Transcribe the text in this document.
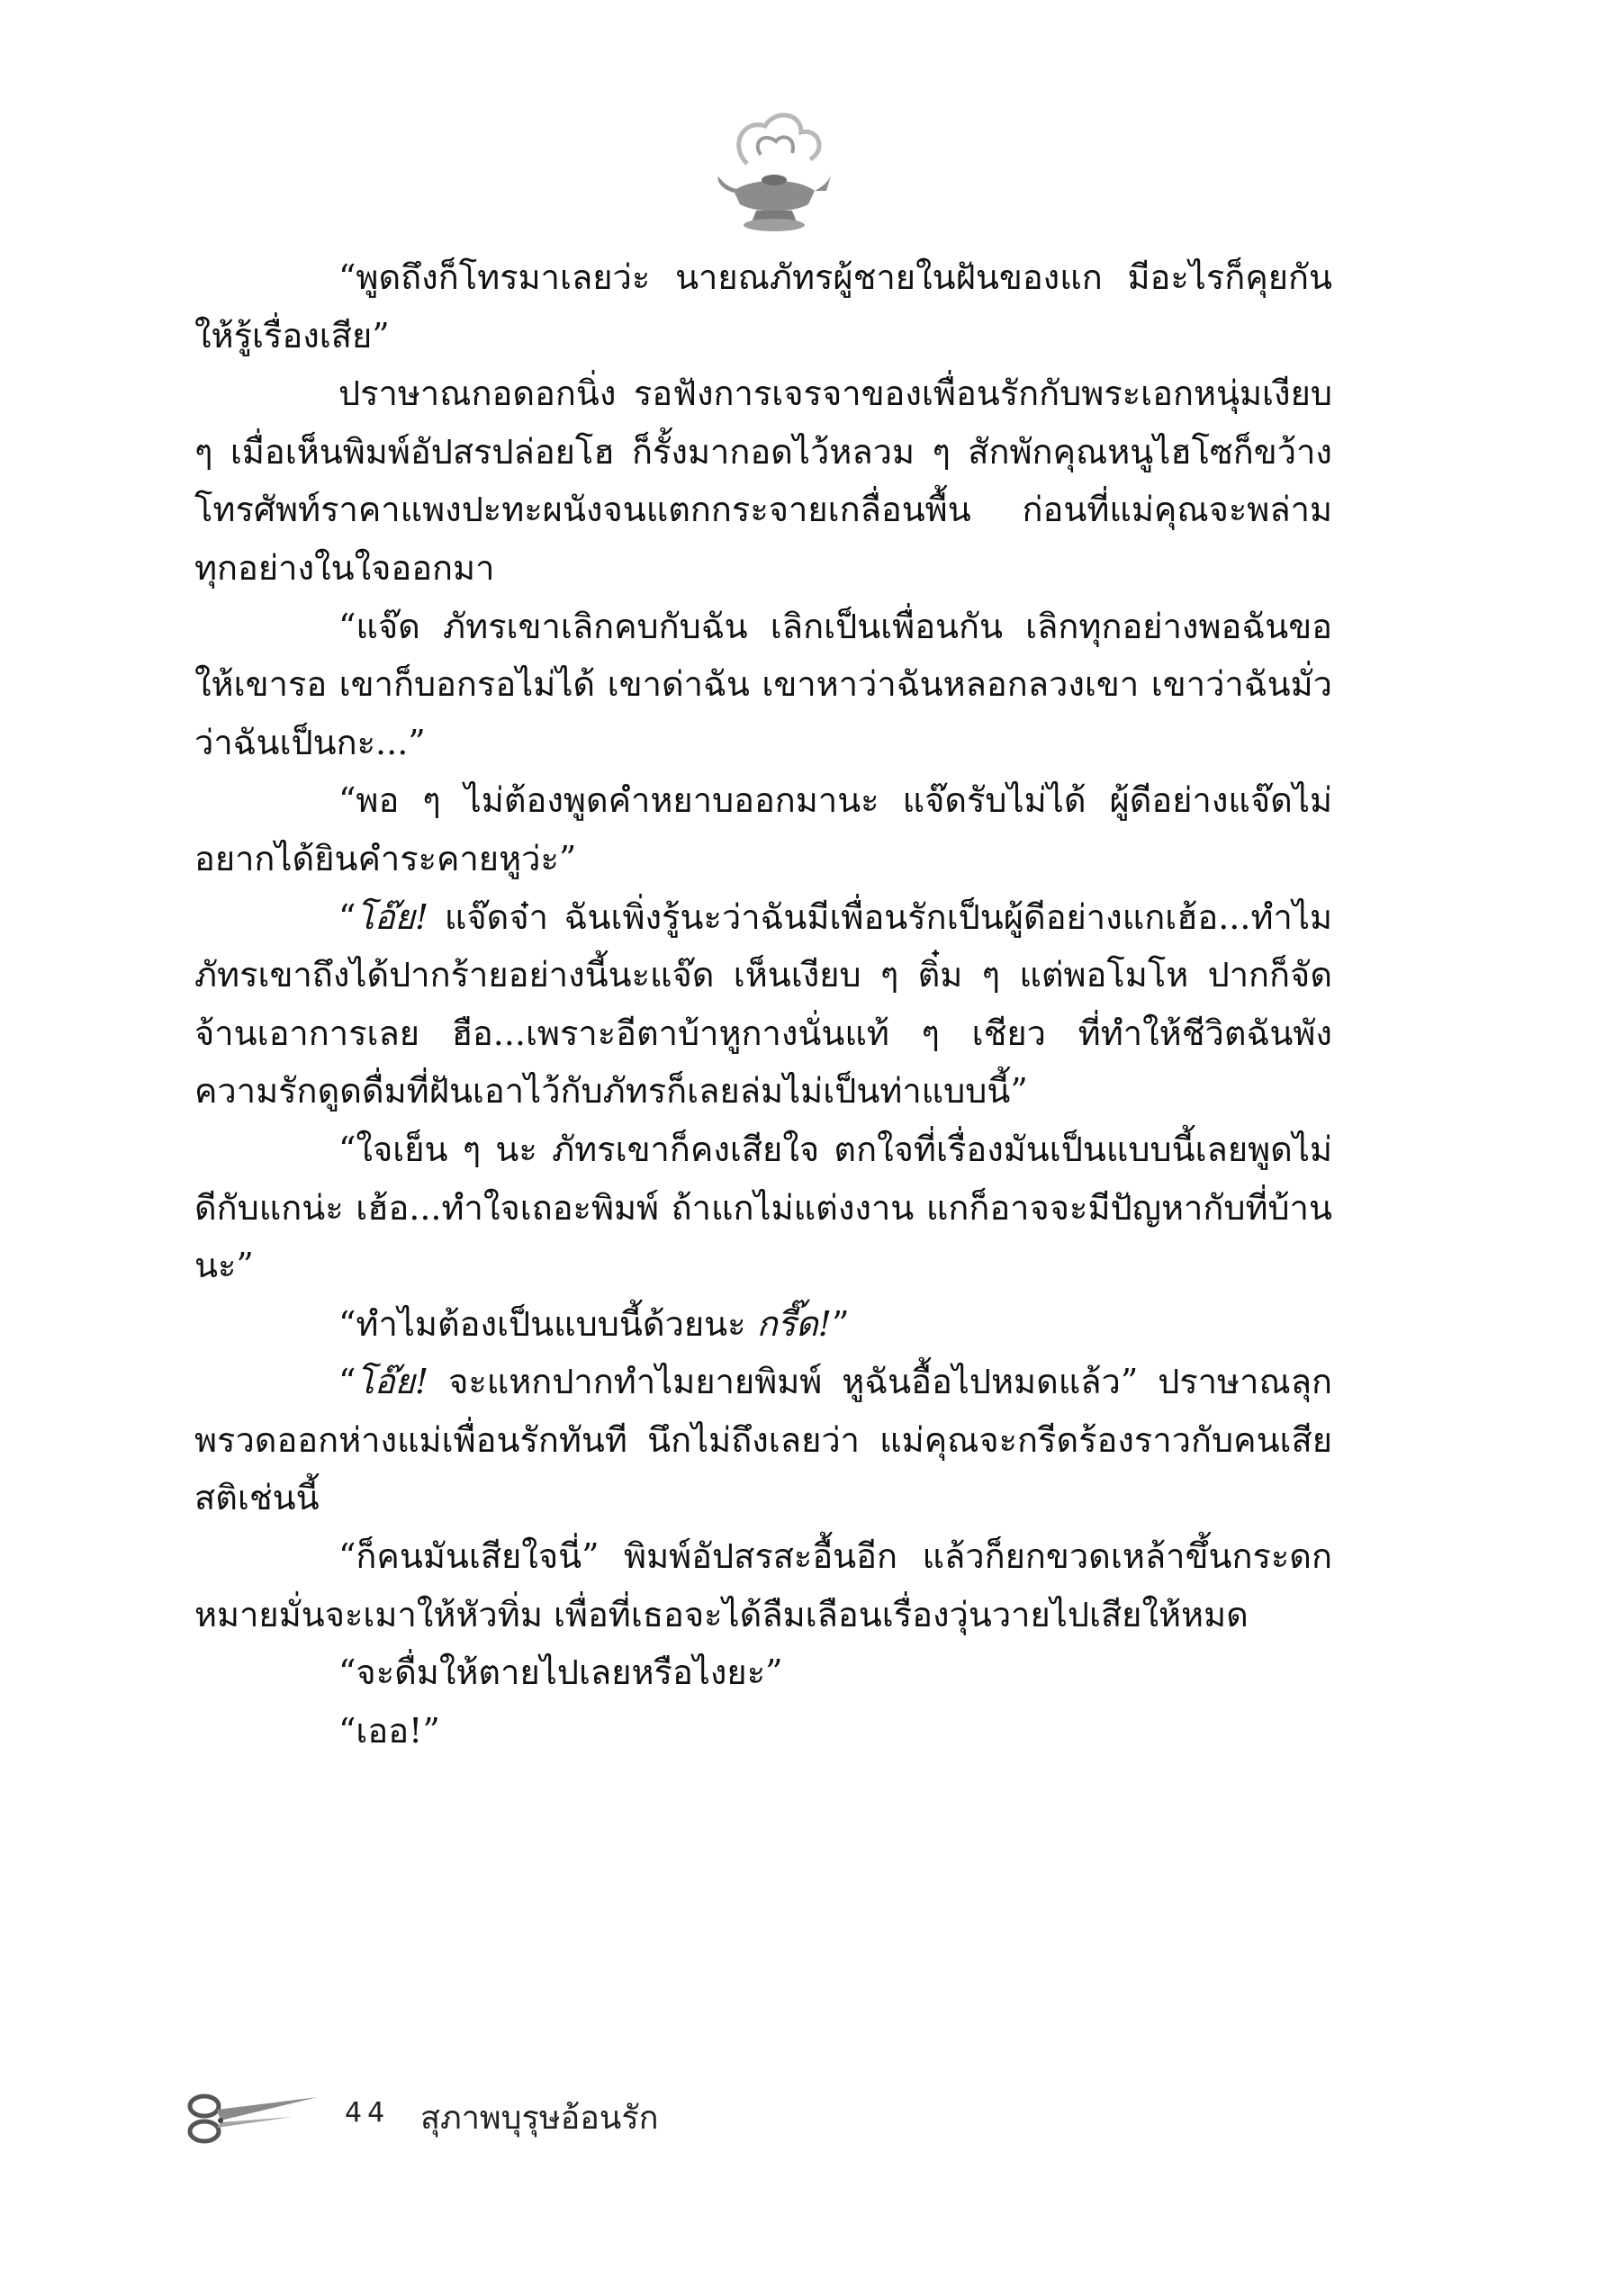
“พูดถึงก็โทรมาเลยว่ะ นายณภัทรผู้ชายในฝันของแก มีอะไรก็คุยกันให้รู้เรื่องเสีย”

ปราษาณกอดอกนิ่ง รอฟังการเจรจาของเพื่อนรักกับพระเอกหนุ่มเงียบ ๆ เมื่อเห็นพิมพ์อัปสรปล่อยโฮ ก็รั้งมากอดไว้หลวม ๆ สักพักคุณหนูไฮโซก็ขว้างโทรศัพท์ราคาแพงปะทะผนังจนแตกกระจายเกลื่อนพื้น ก่อนที่แม่คุณจะพล่ามทุกอย่างในใจออกมา

“แจ๊ด ภัทรเขาเลิกคบกับฉัน เลิกเป็นเพื่อนกัน เลิกทุกอย่างพอฉันขอให้เขารอ เขาก็บอกรอไม่ได้ เขาด่าฉัน เขาหาว่าฉันหลอกลวงเขา เขาว่าฉันมั่ว ว่าฉันเป็นกะ...”

“พอ ๆ ไม่ต้องพูดคำหยาบออกมานะ แจ๊ดรับไม่ได้ ผู้ดีอย่างแจ๊ดไม่อยากได้ยินคำระคายหูว่ะ”

“โอ๊ย! แจ๊ดจ๋า ฉันเพิ่งรู้นะว่าฉันมีเพื่อนรักเป็นผู้ดีอย่างแกเฮ้อ...ทำไมภัทรเขาถึงได้ปากร้ายอย่างนี้นะแจ๊ด เห็นเงียบ ๆ ติ๋ม ๆ แต่พอโมโห ปากก็จัดจ้านเอาการเลย ฮือ...เพราะอีตาบ้าหูกางนั่นแท้ ๆ เชียว ที่ทำให้ชีวิตฉันพัง ความรักดูดดื่มที่ฝันเอาไว้กับภัทรก็เลยล่มไม่เป็นท่าแบบนี้”

“ใจเย็น ๆ นะ ภัทรเขาก็คงเสียใจ ตกใจที่เรื่องมันเป็นแบบนี้เลยพูดไม่ดีกับแกน่ะ เฮ้อ...ทำใจเถอะพิมพ์ ถ้าแกไม่แต่งงาน แกก็อาจจะมีปัญหากับที่บ้านนะ”

“ทำไมต้องเป็นแบบนี้ด้วยนะ กรี๊ด!”

“โอ๊ย! จะแหกปากทำไมยายพิมพ์ หูฉันอื้อไปหมดแล้ว” ปราษาณลุกพรวดออกห่างแม่เพื่อนรักทันที นึกไม่ถึงเลยว่า แม่คุณจะกรีดร้องราวกับคนเสียสติเช่นนี้

“ก็คนมันเสียใจนี่” พิมพ์อัปสรสะอื้นอีก แล้วก็ยกขวดเหล้าขึ้นกระดก หมายมั่นจะเมาให้หัวทิ่ม เพื่อที่เธอจะได้ลืมเลือนเรื่องวุ่นวายไปเสียให้หมด

“จะดื่มให้ตายไปเลยหรือไงยะ”

“เออ!”

44 สุภาพบุรุษอ้อนรัก
